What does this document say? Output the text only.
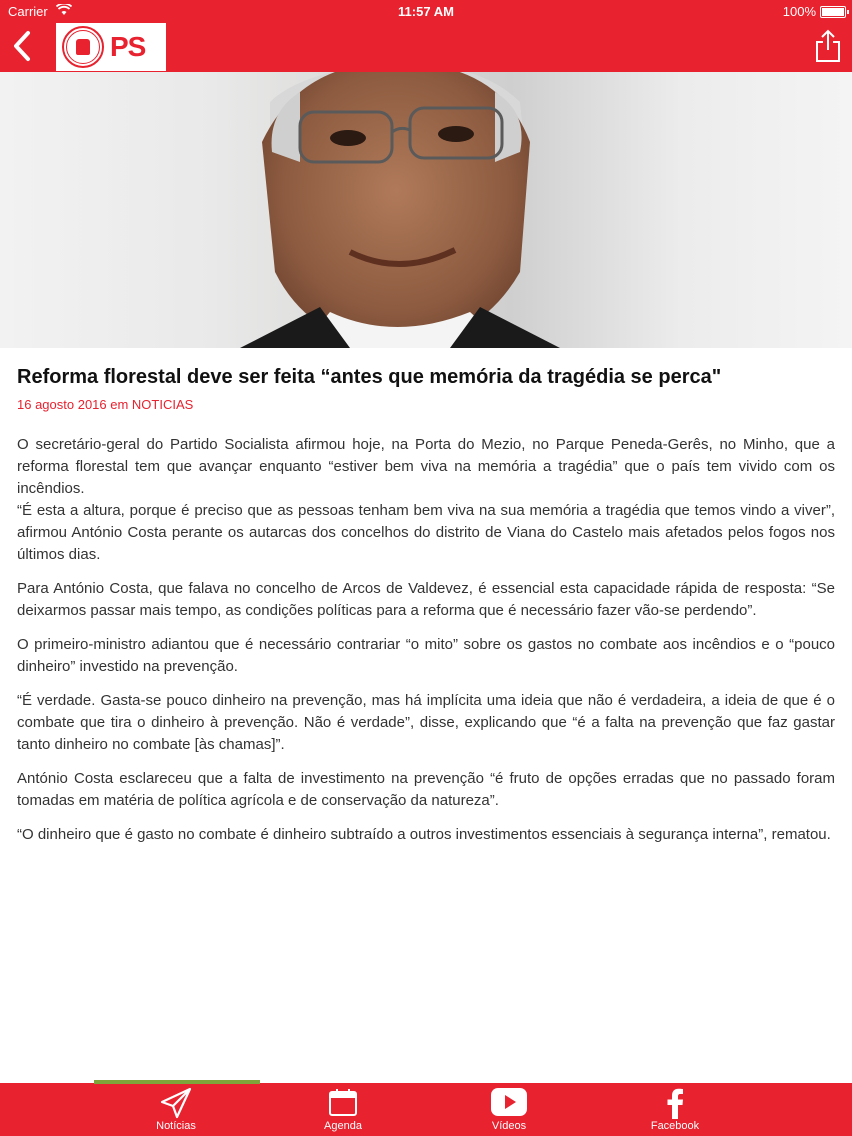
Carrier	11:57 AM	100%
PS
Reforma florestal deve ser feita “antes que memória da tragédia se perca"
16 agosto 2016 em NOTICIAS

O secretário-geral do Partido Socialista afirmou hoje, na Porta do Mezio, no Parque Peneda-Gerês, no Minho, que a reforma florestal tem que avançar enquanto “estiver bem viva na memória a tragédia” que o país tem vivido com os incêndios.
“É esta a altura, porque é preciso que as pessoas tenham bem viva na sua memória a tragédia que temos vindo a viver”, afirmou António Costa perante os autarcas dos concelhos do distrito de Viana do Castelo mais afetados pelos fogos nos últimos dias.

Para António Costa, que falava no concelho de Arcos de Valdevez, é essencial esta capacidade rápida de resposta: “Se deixarmos passar mais tempo, as condições políticas para a reforma que é necessário fazer vão-se perdendo”.

O primeiro-ministro adiantou que é necessário contrariar “o mito” sobre os gastos no combate aos incêndios e o “pouco dinheiro” investido na prevenção.

“É verdade. Gasta-se pouco dinheiro na prevenção, mas há implícita uma ideia que não é verdadeira, a ideia de que é o combate que tira o dinheiro à prevenção. Não é verdade”, disse, explicando que “é a falta na prevenção que faz gastar tanto dinheiro no combate [às chamas]”.

António Costa esclareceu que a falta de investimento na prevenção “é fruto de opções erradas que no passado foram tomadas em matéria de política agrícola e de conservação da natureza”.

“O dinheiro que é gasto no combate é dinheiro subtraído a outros investimentos essenciais à segurança interna”, rematou.

Notícias	Agenda	Vídeos	Facebook
